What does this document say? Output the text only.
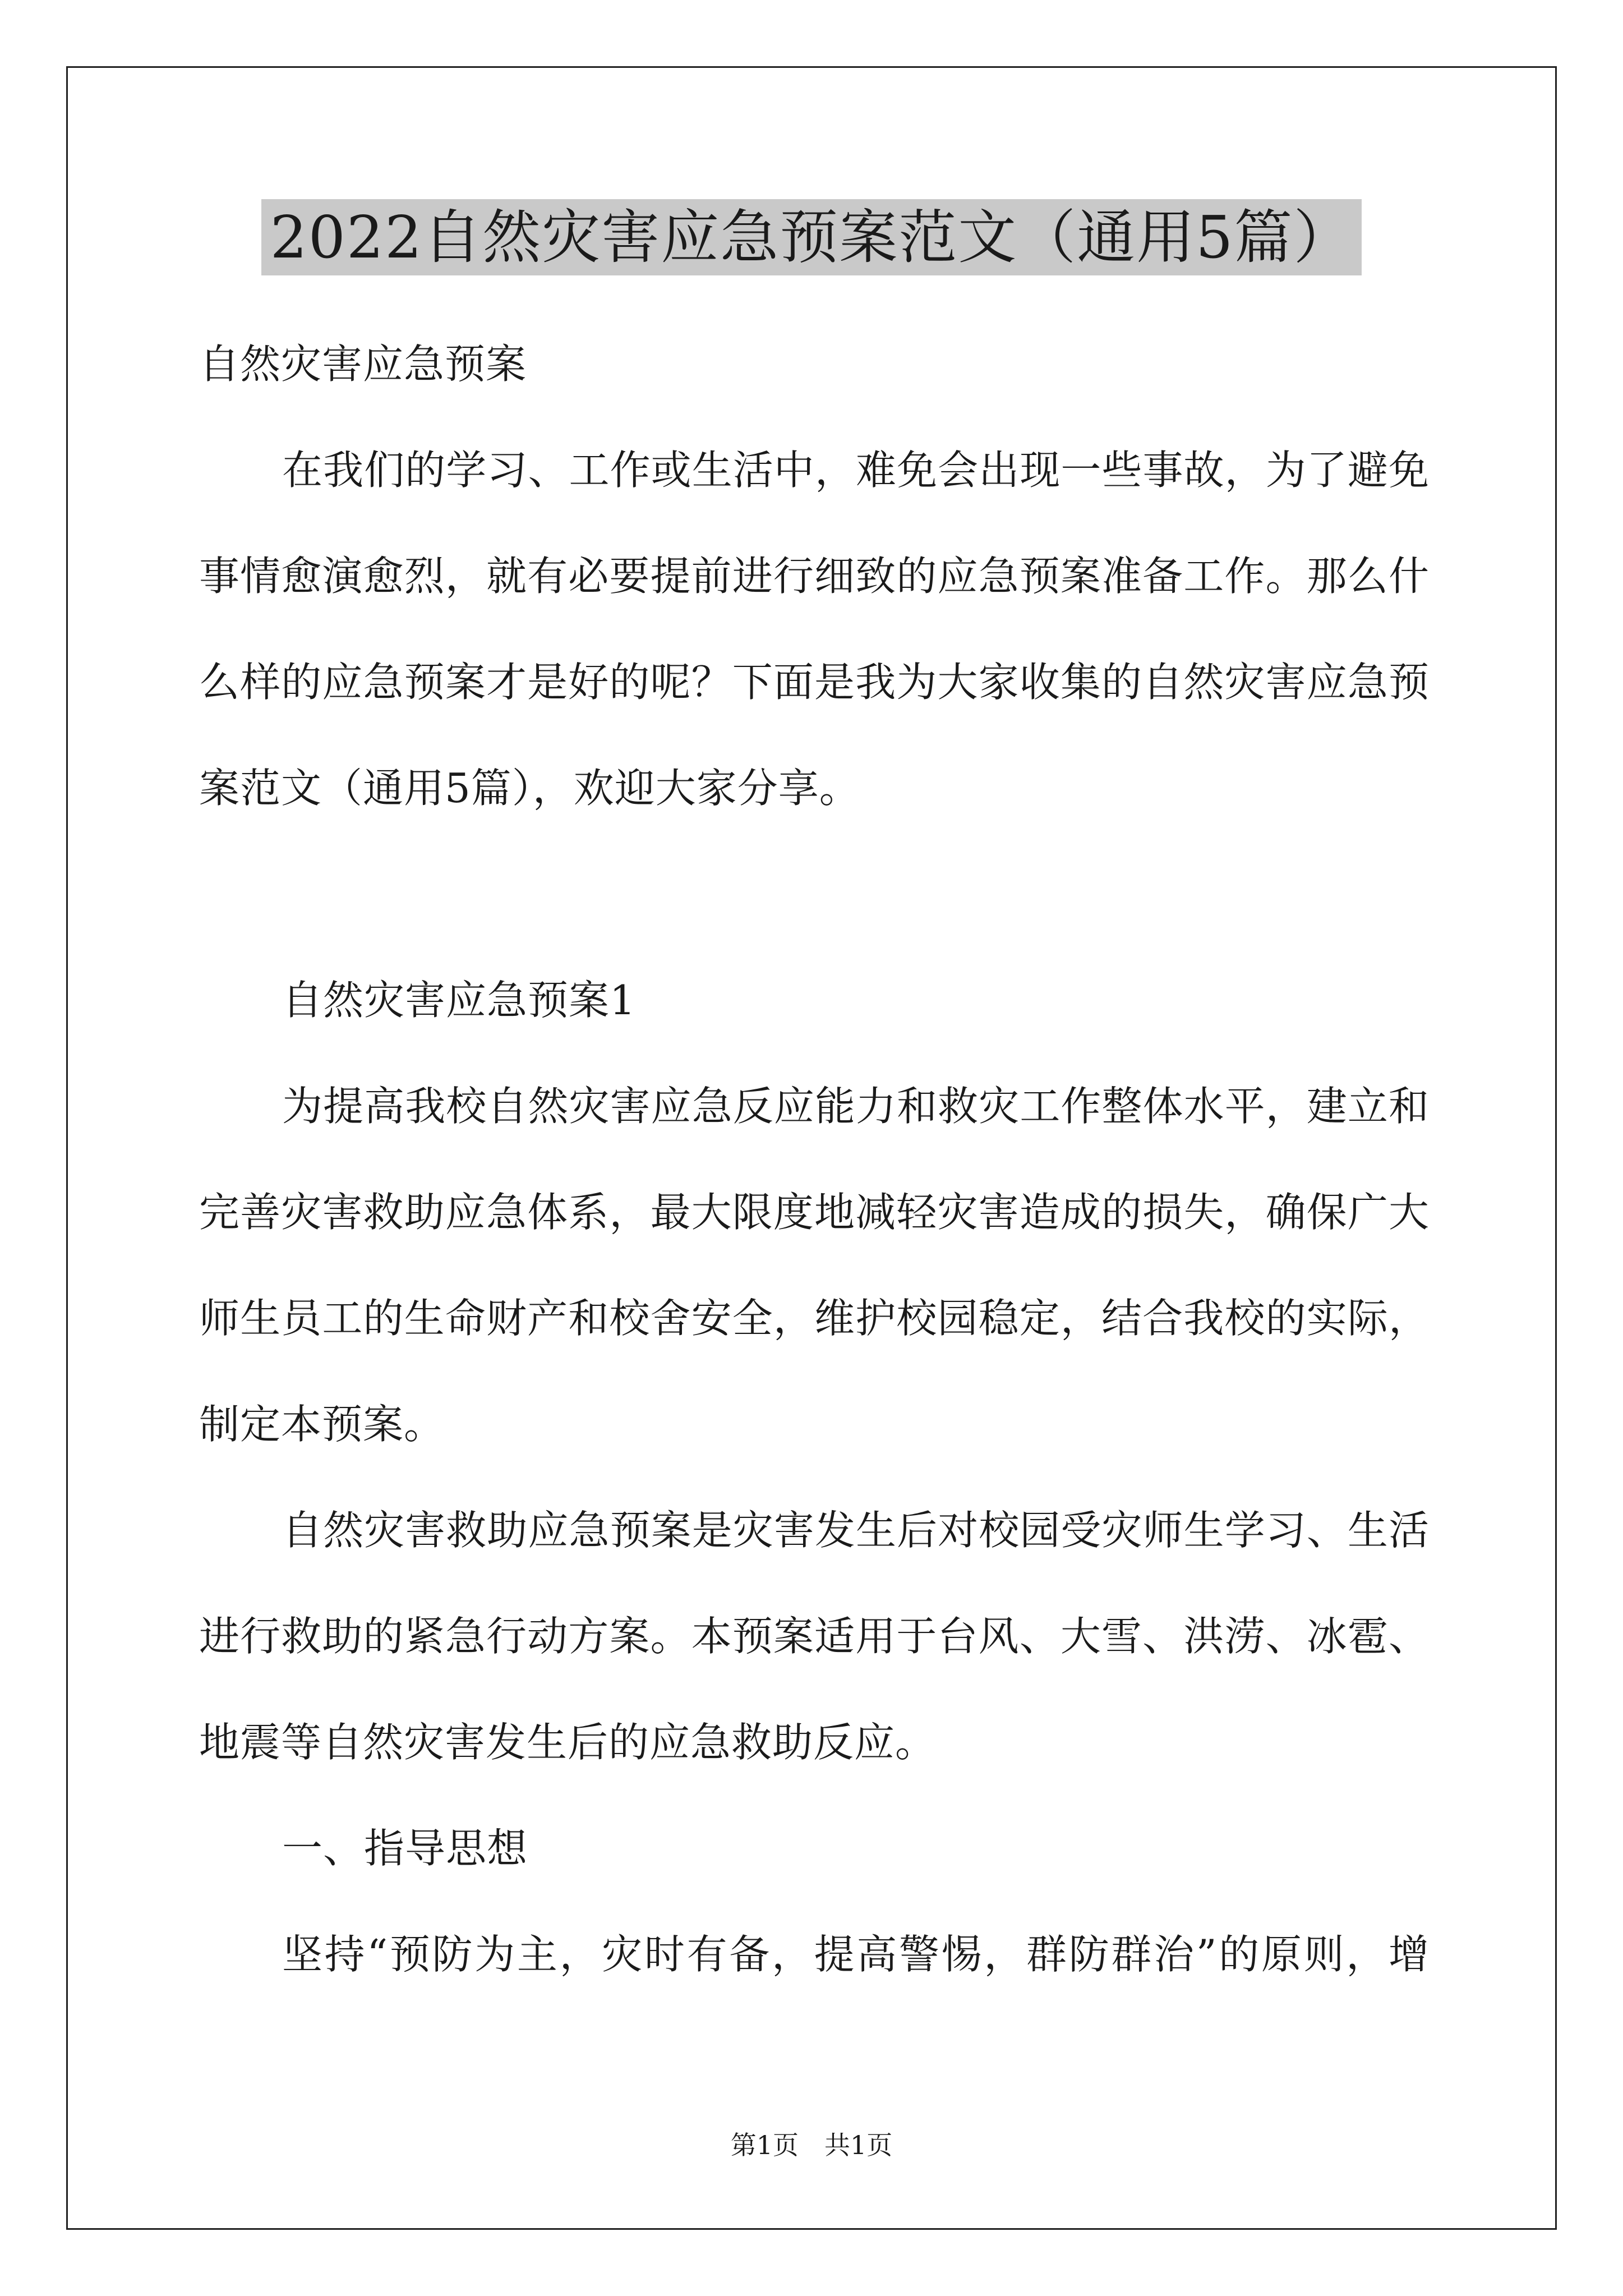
2022自然灾害应急预案范文（通用5篇）
自然灾害应急预案
在我们的学习、工作或生活中，难免会出现一些事故，为了避免
事情愈演愈烈，就有必要提前进行细致的应急预案准备工作。那么什
么样的应急预案才是好的呢？下面是我为大家收集的自然灾害应急预
案范文（通用5篇），欢迎大家分享。
自然灾害应急预案1
为提高我校自然灾害应急反应能力和救灾工作整体水平，建立和
完善灾害救助应急体系，最大限度地减轻灾害造成的损失，确保广大
师生员工的生命财产和校舍安全，维护校园稳定，结合我校的实际，
制定本预案。
自然灾害救助应急预案是灾害发生后对校园受灾师生学习、生活
进行救助的紧急行动方案。本预案适用于台风、大雪、洪涝、冰雹、
地震等自然灾害发生后的应急救助反应。
一、指导思想
坚持“预防为主，灾时有备，提高警惕，群防群治”的原则，增
第1页　共1页
